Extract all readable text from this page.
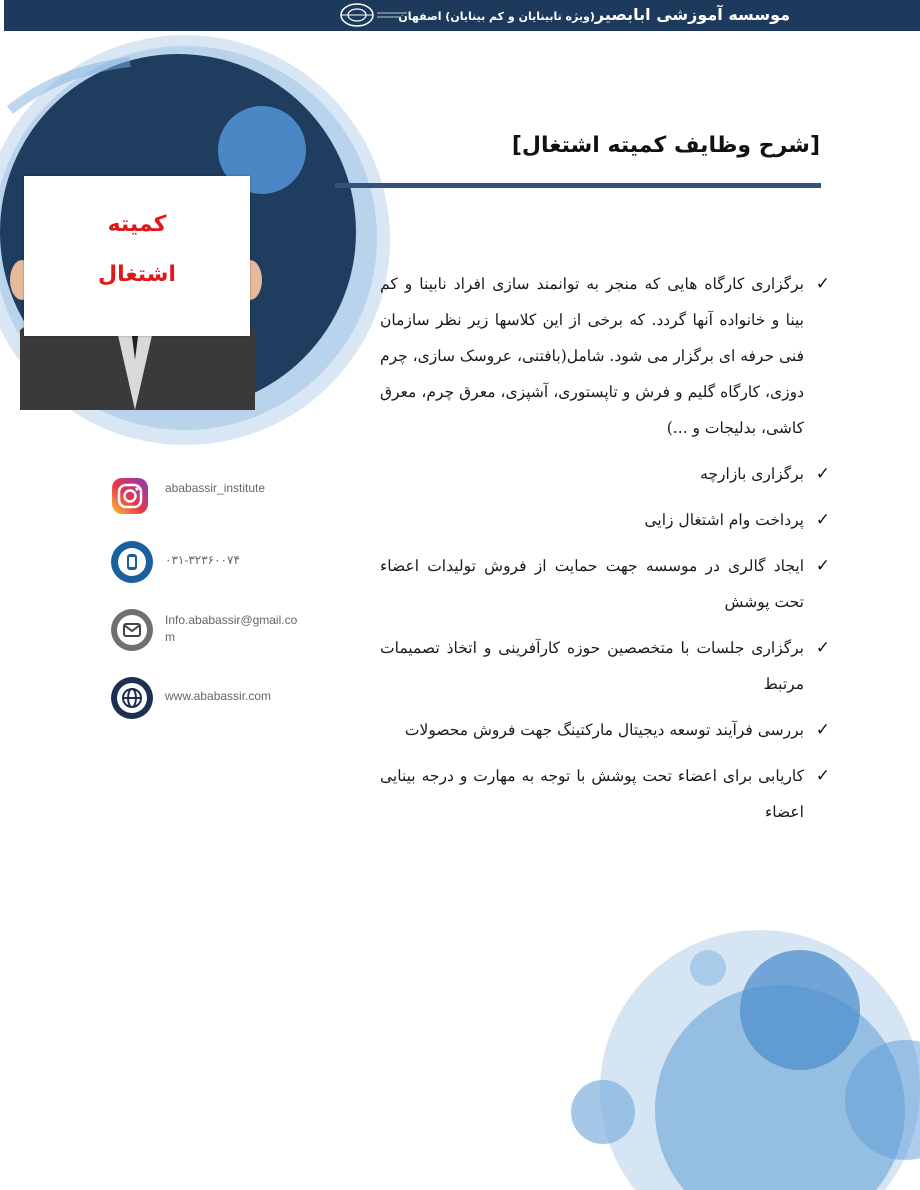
موسسه آموزشی ابابصیر(ویژه نابینایان و کم بینایان) اصفهان
کمیته
اشتغال
[شرح وظایف کمیته اشتغال]
✓
برگزاری کارگاه هایی که منجر به توانمند سازی افراد نابینا و کم بینا و خانواده آنها گردد. که برخی از این کلاسها زیر نظر سازمان فنی حرفه ای برگزار می شود. شامل(بافتنی، عروسک سازی، چرم دوزی، کارگاه گلیم و فرش و تاپستوری، آشپزی، معرق چرم، معرق کاشی، بدلیجات و ...)
✓
برگزاری بازارچه
✓
پرداخت وام اشتغال زایی
✓
ایجاد گالری در موسسه جهت حمایت از فروش تولیدات اعضاء تحت پوشش
✓
برگزاری جلسات با متخصصین حوزه کارآفرینی و اتخاذ تصمیمات مرتبط
✓
بررسی فرآیند توسعه دیجیتال مارکتینگ جهت فروش محصولات
✓
کاریابی برای اعضاء تحت پوشش با توجه به مهارت و درجه بینایی اعضاء
ababassir_institute
۰۳۱-۳۲۳۶۰۰۷۴
Info.ababassir@gmail.com
www.ababassir.com
